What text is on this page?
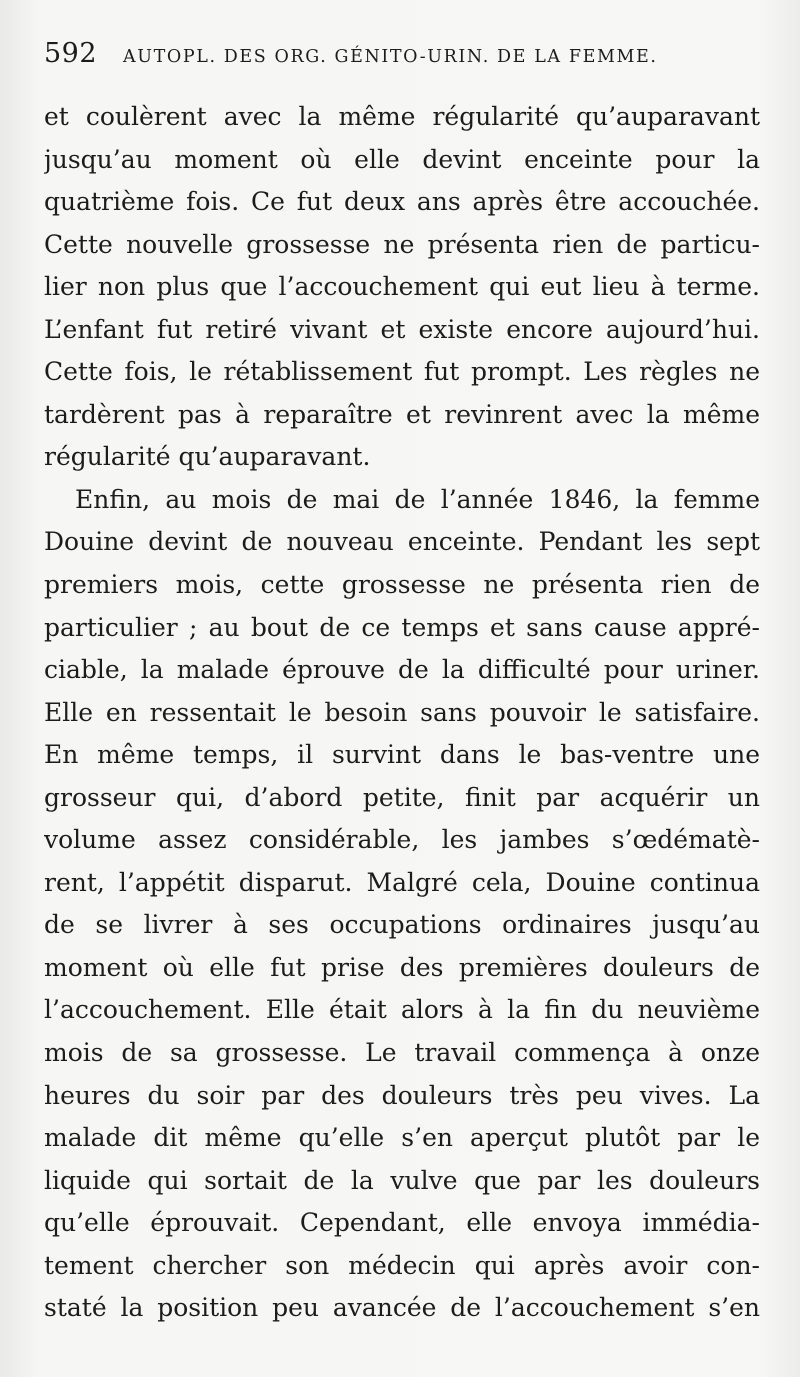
592 AUTOPL. DES ORG. GÉNITO-URIN. DE LA FEMME.
et coulèrent avec la même régularité qu’auparavant
jusqu’au moment où elle devint enceinte pour la
quatrième fois. Ce fut deux ans après être accouchée.
Cette nouvelle grossesse ne présenta rien de particu-
lier non plus que l’accouchement qui eut lieu à terme.
L’enfant fut retiré vivant et existe encore aujourd’hui.
Cette fois, le rétablissement fut prompt. Les règles ne
tardèrent pas à reparaître et revinrent avec la même
régularité qu’auparavant.
Enfin, au mois de mai de l’année 1846, la femme
Douine devint de nouveau enceinte. Pendant les sept
premiers mois, cette grossesse ne présenta rien de
particulier ; au bout de ce temps et sans cause appré-
ciable, la malade éprouve de la difficulté pour uriner.
Elle en ressentait le besoin sans pouvoir le satisfaire.
En même temps, il survint dans le bas-ventre une
grosseur qui, d’abord petite, finit par acquérir un
volume assez considérable, les jambes s’œdématè-
rent, l’appétit disparut. Malgré cela, Douine continua
de se livrer à ses occupations ordinaires jusqu’au
moment où elle fut prise des premières douleurs de
l’accouchement. Elle était alors à la fin du neuvième
mois de sa grossesse. Le travail commença à onze
heures du soir par des douleurs très peu vives. La
malade dit même qu’elle s’en aperçut plutôt par le
liquide qui sortait de la vulve que par les douleurs
qu’elle éprouvait. Cependant, elle envoya immédia-
tement chercher son médecin qui après avoir con-
staté la position peu avancée de l’accouchement s’en
